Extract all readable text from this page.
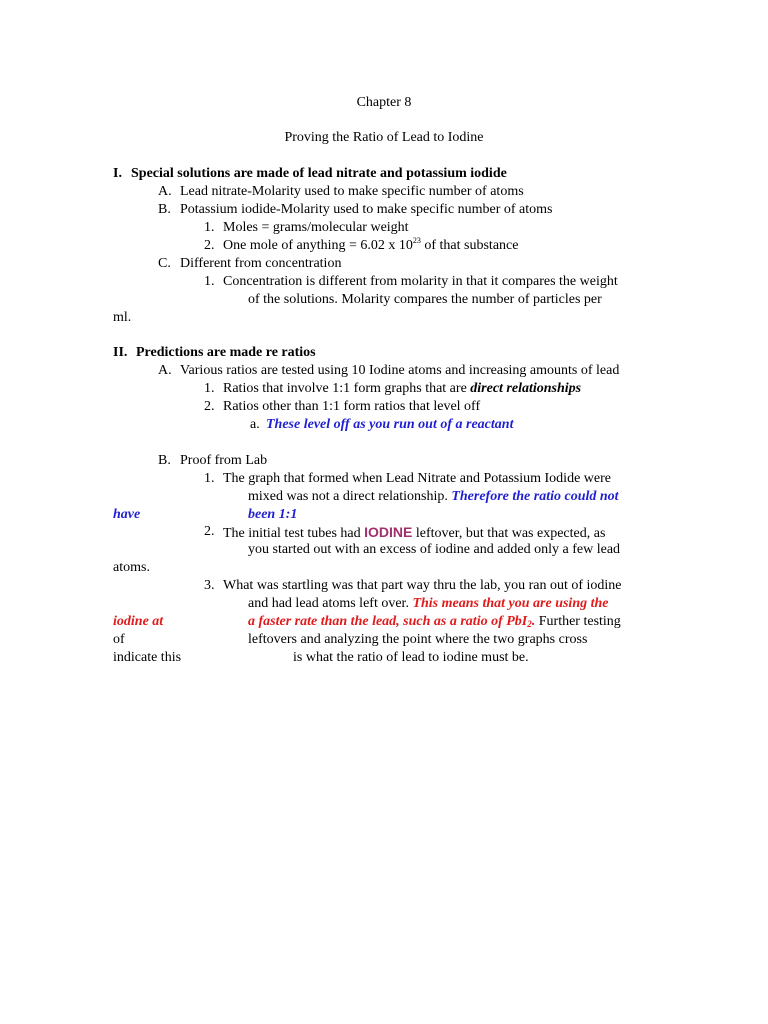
Chapter 8
Proving the Ratio of Lead to Iodine
I. Special solutions are made of lead nitrate and potassium iodide
A. Lead nitrate-Molarity used to make specific number of atoms
B. Potassium iodide-Molarity used to make specific number of atoms
1. Moles = grams/molecular weight
2. One mole of anything = 6.02 x $10^{23}$ of that substance
C. Different from concentration
1. Concentration is different from molarity in that it compares the weight
of the solutions. Molarity compares the number of particles per
ml.
II. Predictions are made re ratios
A. Various ratios are tested using 10 Iodine atoms and increasing amounts of lead
1. Ratios that involve 1:1 form graphs that are direct relationships
2. Ratios other than 1:1 form ratios that level off
a. These level off as you run out of a reactant
B. Proof from Lab
1. The graph that formed when Lead Nitrate and Potassium Iodide were
mixed was not a direct relationship. Therefore the ratio could not
have	been 1:1
2. The initial test tubes had IODINE leftover, but that was expected, as
you started out with an excess of iodine and added only a few lead
atoms.
3. What was startling was that part way thru the lab, you ran out of iodine
and had lead atoms left over. This means that you are using the
iodine at	a faster rate than the lead, such as a ratio of PbI$_2$. Further testing
of	leftovers and analyzing the point where the two graphs cross
indicate this	is what the ratio of lead to iodine must be.
